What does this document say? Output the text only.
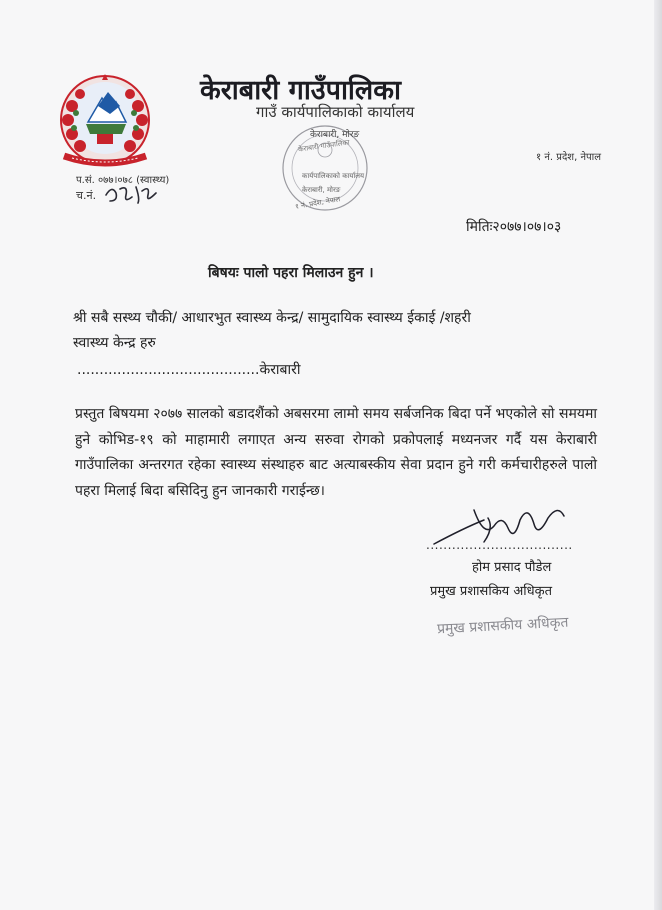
केराबारी गाउँपालिका
गाउँ कार्यपालिकाको कार्यालय
केराबारी, मोरङ
केराबारी गाउँपालिका
कार्यपालिकाको कार्यालय
केराबारी, मोरङ
१ नं. प्रदेश, नेपाल
१ नं. प्रदेश, नेपाल
प.सं. ०७७।०७८ (स्वास्थ्य)
च.नं.
मितिः२०७७।०७।०३
बिषयः पालो पहरा मिलाउन हुन ।
श्री सबै सस्थ्य चौकी/ आधारभुत स्वास्थ्य केन्द्र/ सामुदायिक स्वास्थ्य ईकाई /शहरी
स्वास्थ्य केन्द्र हरु
.........................................केराबारी
प्रस्तुत बिषयमा २०७७ सालको बडादशैंको अबसरमा लामो समय सर्बजनिक बिदा पर्ने भएकोले सो समयमा हुने कोभिड-१९ को माहामारी लगाएत अन्य सरुवा रोगको प्रकोपलाई मध्यनजर गर्दै यस केराबारी गाउँपालिका अन्तरगत रहेका स्वास्थ्य संस्थाहरु बाट अत्याबस्कीय सेवा प्रदान हुने गरी कर्मचारीहरुले पालो पहरा मिलाई बिदा बसिदिनु हुन जानकारी गराईन्छ।
..................................
होम प्रसाद पौडेल
प्रमुख प्रशासकिय अधिकृत
प्रमुख प्रशासकीय अधिकृत
